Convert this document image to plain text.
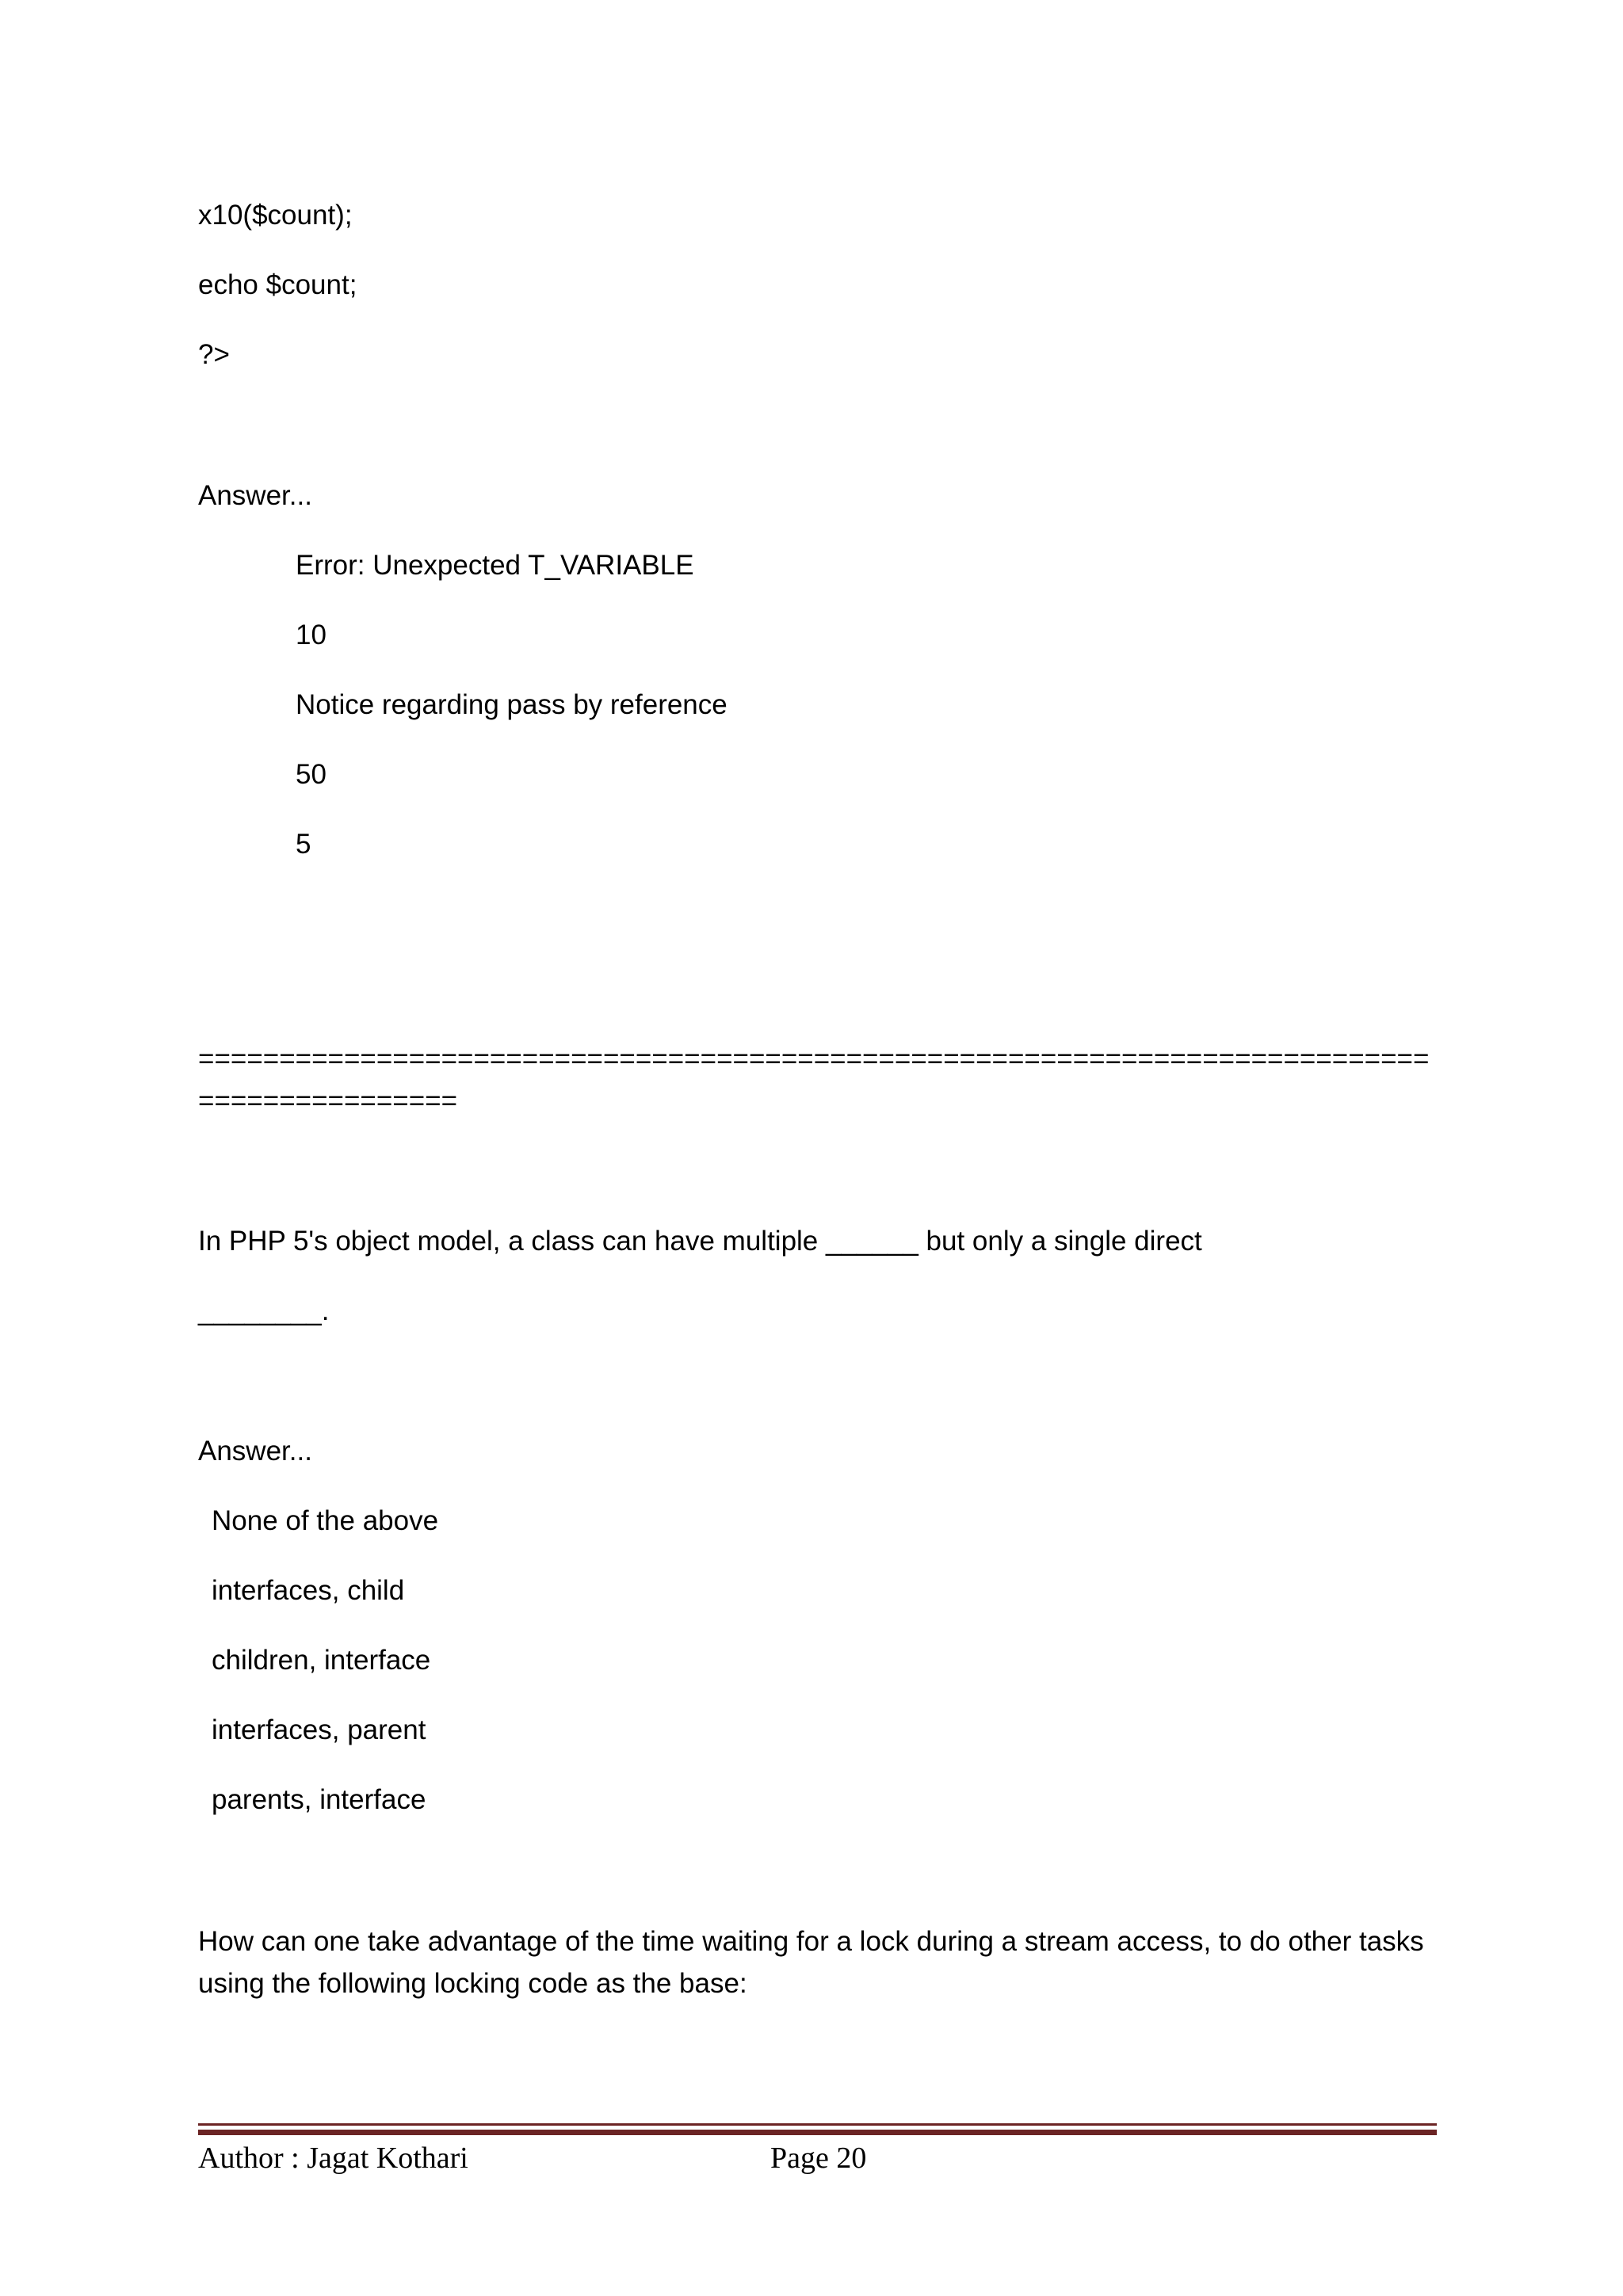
x10($count);
echo $count;
?>
Answer...
Error: Unexpected T_VARIABLE
10
Notice regarding pass by reference
50
5
============================================================================================
In PHP 5's object model, a class can have multiple ______ but only a single direct
________.
Answer...
None of the above
interfaces, child
children, interface
interfaces, parent
parents, interface
How can one take advantage of the time waiting for a lock during a stream access, to do other tasks using the following locking code as the base:
Author : Jagat Kothari	Page 20
